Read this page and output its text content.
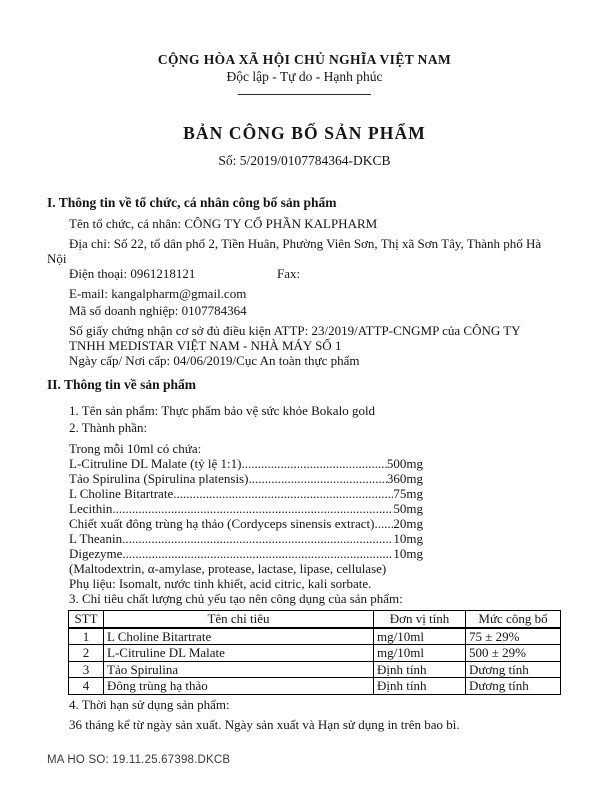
CỘNG HÒA XÃ HỘI CHỦ NGHĨA VIỆT NAM
Độc lập - Tự do - Hạnh phúc
BẢN CÔNG BỐ SẢN PHẨM
Số: 5/2019/0107784364-DKCB
I. Thông tin về tổ chức, cá nhân công bố sản phẩm
Tên tổ chức, cá nhân: CÔNG TY CỔ PHẦN KALPHARM
Địa chỉ: Số 22, tổ dân phố 2, Tiền Huân, Phường Viên Sơn, Thị xã Sơn Tây, Thành phố Hà
Nội
Điện thoại: 0961218121	Fax:
E-mail: kangalpharm@gmail.com
Mã số doanh nghiệp: 0107784364
Số giấy chứng nhận cơ sở đủ điều kiện ATTP: 23/2019/ATTP-CNGMP của CÔNG TY
TNHH MEDISTAR VIỆT NAM - NHÀ MÁY SỐ 1
Ngày cấp/ Nơi cấp: 04/06/2019/Cục An toàn thực phẩm
II. Thông tin về sản phẩm
1. Tên sản phẩm: Thực phẩm bảo vệ sức khỏe Bokalo gold
2. Thành phần:
Trong mỗi 10ml có chứa:
L-Citruline DL Malate (tỷ lệ 1:1) .....	500mg
Tảo Spirulina (Spirulina platensis) .....	360mg
L Choline Bitartrate .....	75mg
Lecithin .....	50mg
Chiết xuất đông trùng hạ thảo (Cordyceps sinensis extract) ..... 20mg
L Theanin .....	10mg
Digezyme .....	10mg
(Maltodextrin, α-amylase, protease, lactase, lipase, cellulase)
Phụ liệu: Isomalt, nước tinh khiết, acid citric, kali sorbate.
3. Chỉ tiêu chất lượng chủ yếu tạo nên công dụng của sản phẩm:
STT	Tên chỉ tiêu	Đơn vị tính	Mức công bố
1	L Choline Bitartrate	mg/10ml	75 ± 29%
2	L-Citruline DL Malate	mg/10ml	500 ± 29%
3	Tảo Spirulina	Định tính	Dương tính
4	Đông trùng hạ thảo	Định tính	Dương tính
4. Thời hạn sử dụng sản phẩm:
36 tháng kể từ ngày sản xuất. Ngày sản xuất và Hạn sử dụng in trên bao bì.
MA HO SO: 19.11.25.67398.DKCB
